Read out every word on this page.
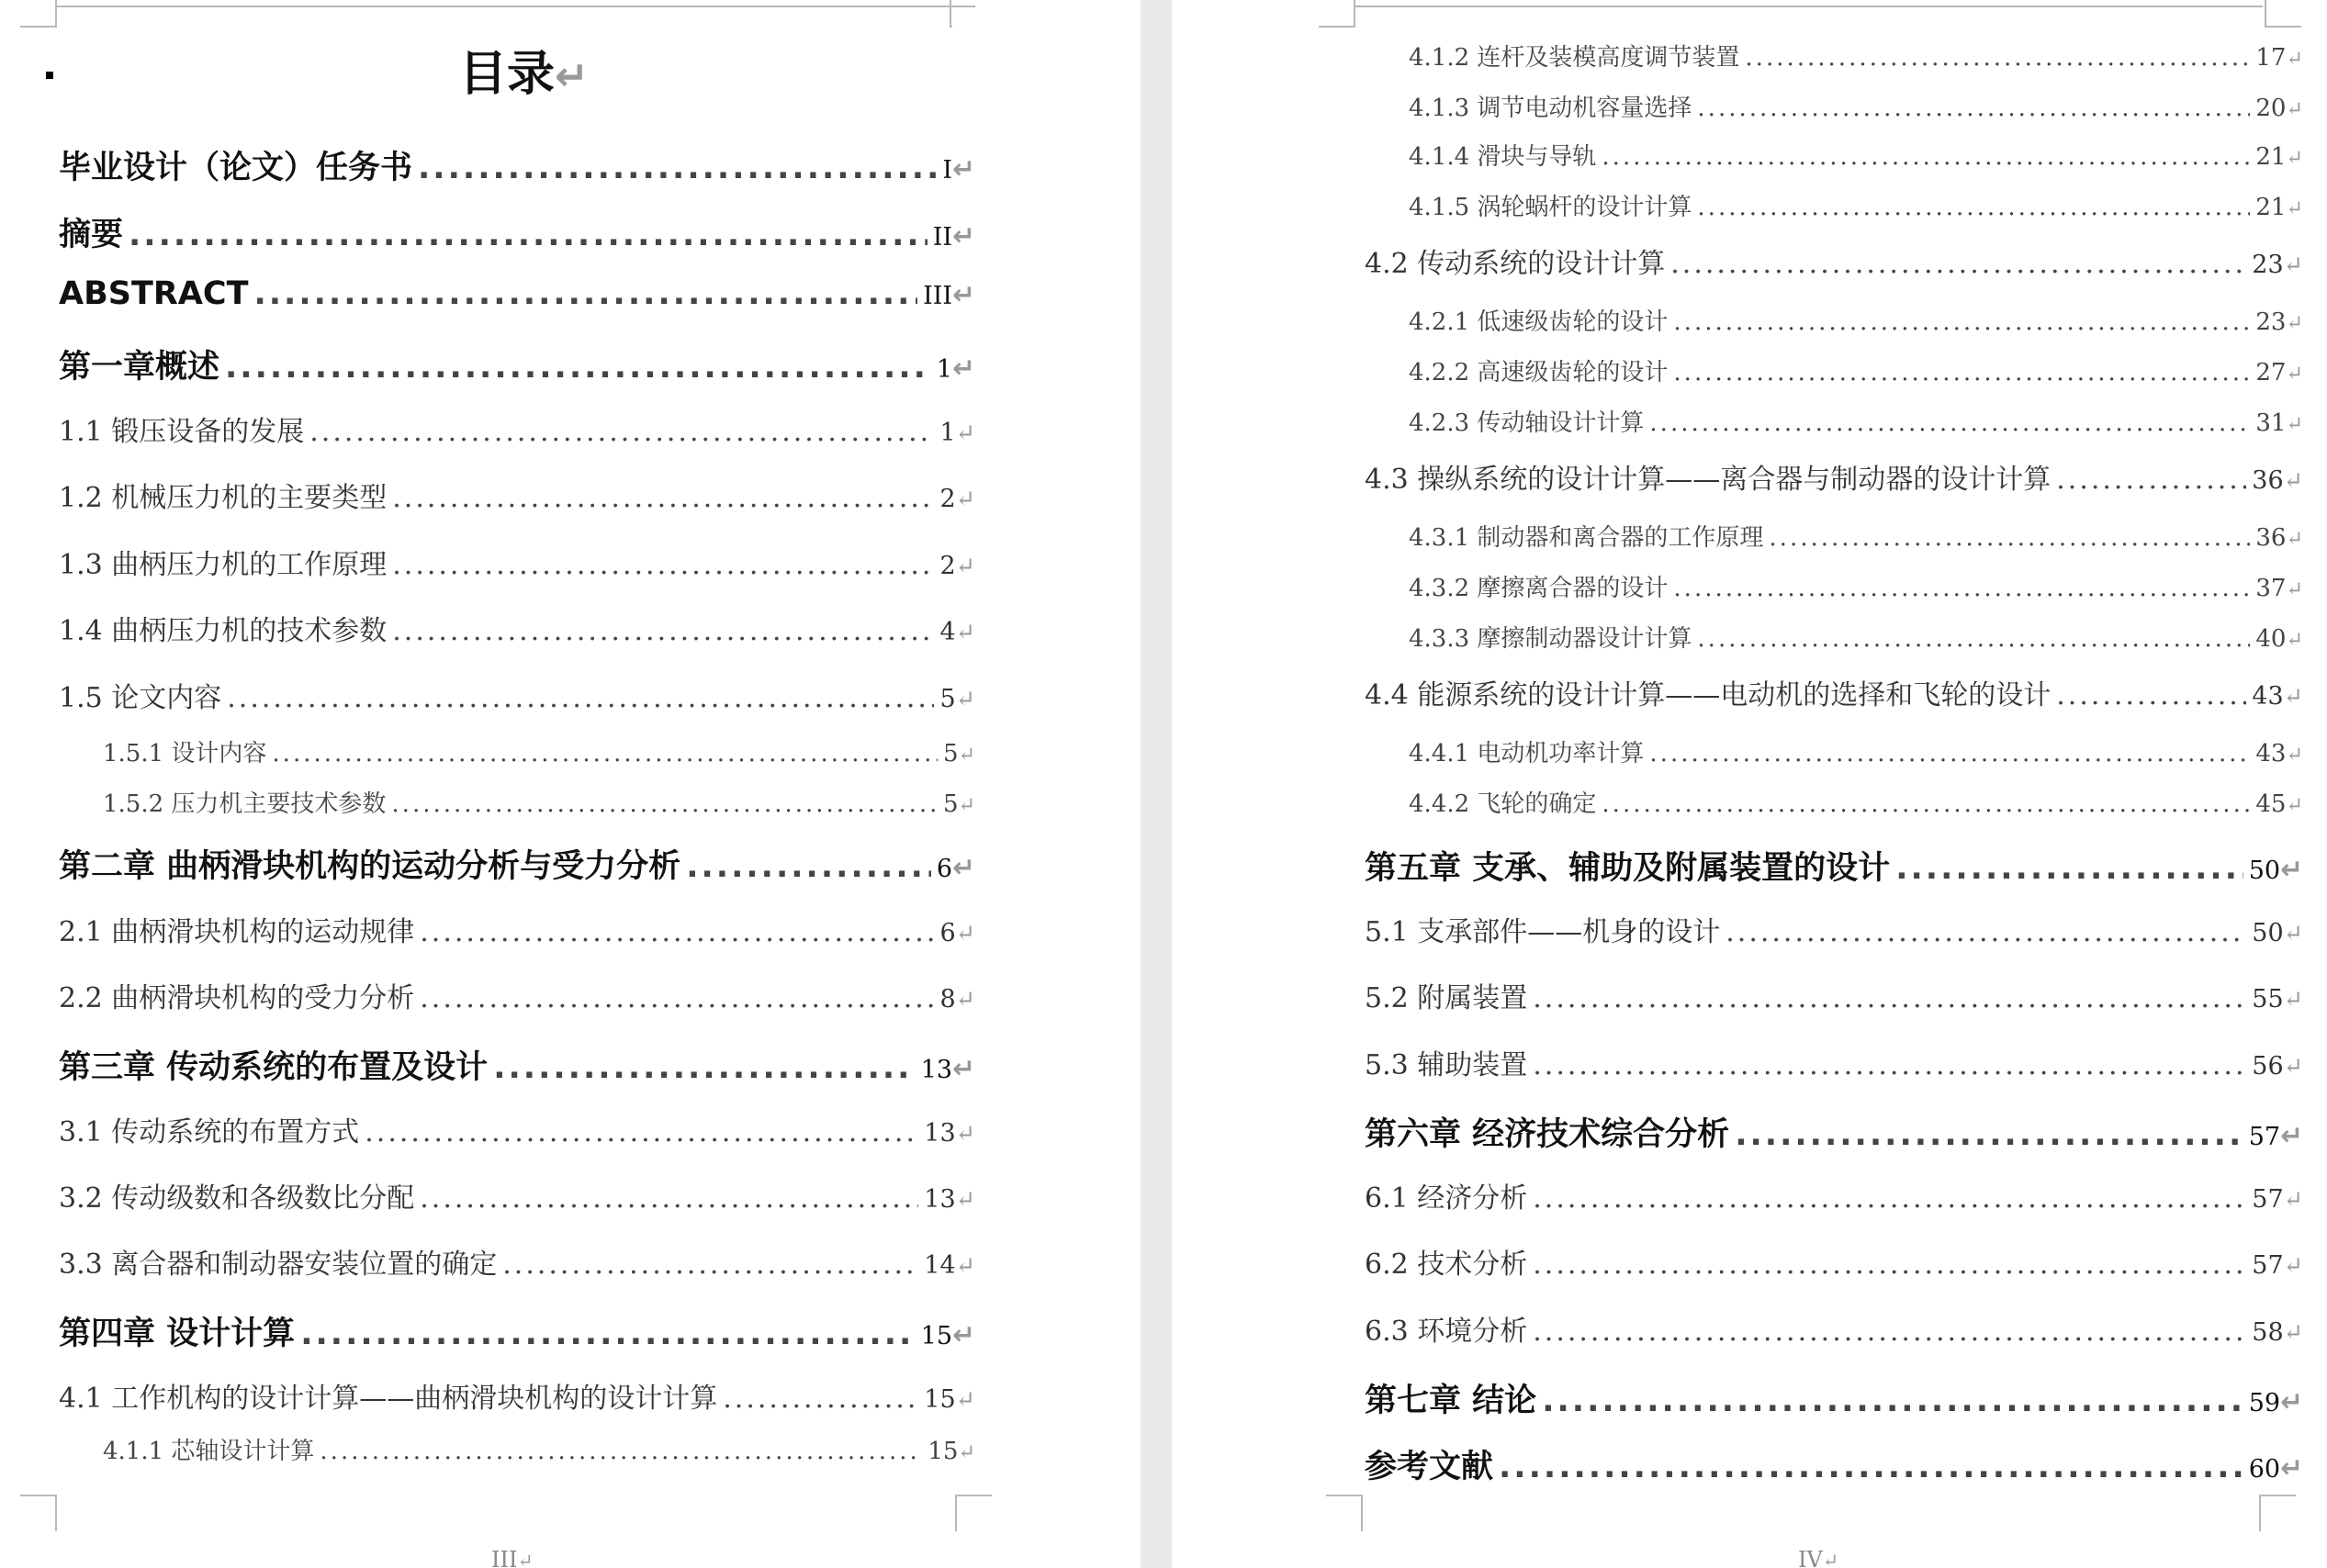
目录↵
毕业设计（论文）任务书 .....	I ↵
摘要 .....	II ↵
ABSTRACT .....	III ↵
第一章概述 .....	1 ↵
1.1 锻压设备的发展 .....	1 ↵
1.2 机械压力机的主要类型 .....	2 ↵
1.3 曲柄压力机的工作原理 .....	2 ↵
1.4 曲柄压力机的技术参数 .....	4 ↵
1.5 论文内容 .....	5 ↵
1.5.1 设计内容 .....	5 ↵
1.5.2 压力机主要技术参数 .....	5 ↵
第二章 曲柄滑块机构的运动分析与受力分析 .....	6 ↵
2.1 曲柄滑块机构的运动规律 .....	6 ↵
2.2 曲柄滑块机构的受力分析 .....	8 ↵
第三章 传动系统的布置及设计 .....	13 ↵
3.1 传动系统的布置方式 .....	13 ↵
3.2 传动级数和各级数比分配 .....	13 ↵
3.3 离合器和制动器安装位置的确定 .....	14 ↵
第四章 设计计算 .....	15 ↵
4.1 工作机构的设计计算——曲柄滑块机构的设计计算 .....	15 ↵
4.1.1 芯轴设计计算 .....	15 ↵
III↵
4.1.2 连杆及装模高度调节装置 .....	17 ↵
4.1.3 调节电动机容量选择 .....	20 ↵
4.1.4 滑块与导轨 .....	21 ↵
4.1.5 涡轮蜗杆的设计计算 .....	21 ↵
4.2 传动系统的设计计算 .....	23 ↵
4.2.1 低速级齿轮的设计 .....	23 ↵
4.2.2 高速级齿轮的设计 .....	27 ↵
4.2.3 传动轴设计计算 .....	31 ↵
4.3 操纵系统的设计计算——离合器与制动器的设计计算 .....	36 ↵
4.3.1 制动器和离合器的工作原理 .....	36 ↵
4.3.2 摩擦离合器的设计 .....	37 ↵
4.3.3 摩擦制动器设计计算 .....	40 ↵
4.4 能源系统的设计计算——电动机的选择和飞轮的设计 .....	43 ↵
4.4.1 电动机功率计算 .....	43 ↵
4.4.2 飞轮的确定 .....	45 ↵
第五章 支承、辅助及附属装置的设计 .....	50 ↵
5.1 支承部件——机身的设计 .....	50 ↵
5.2 附属装置 .....	55 ↵
5.3 辅助装置 .....	56 ↵
第六章 经济技术综合分析 .....	57 ↵
6.1 经济分析 .....	57 ↵
6.2 技术分析 .....	57 ↵
6.3 环境分析 .....	58 ↵
第七章 结论 .....	59 ↵
参考文献 .....	60 ↵
IV↵
